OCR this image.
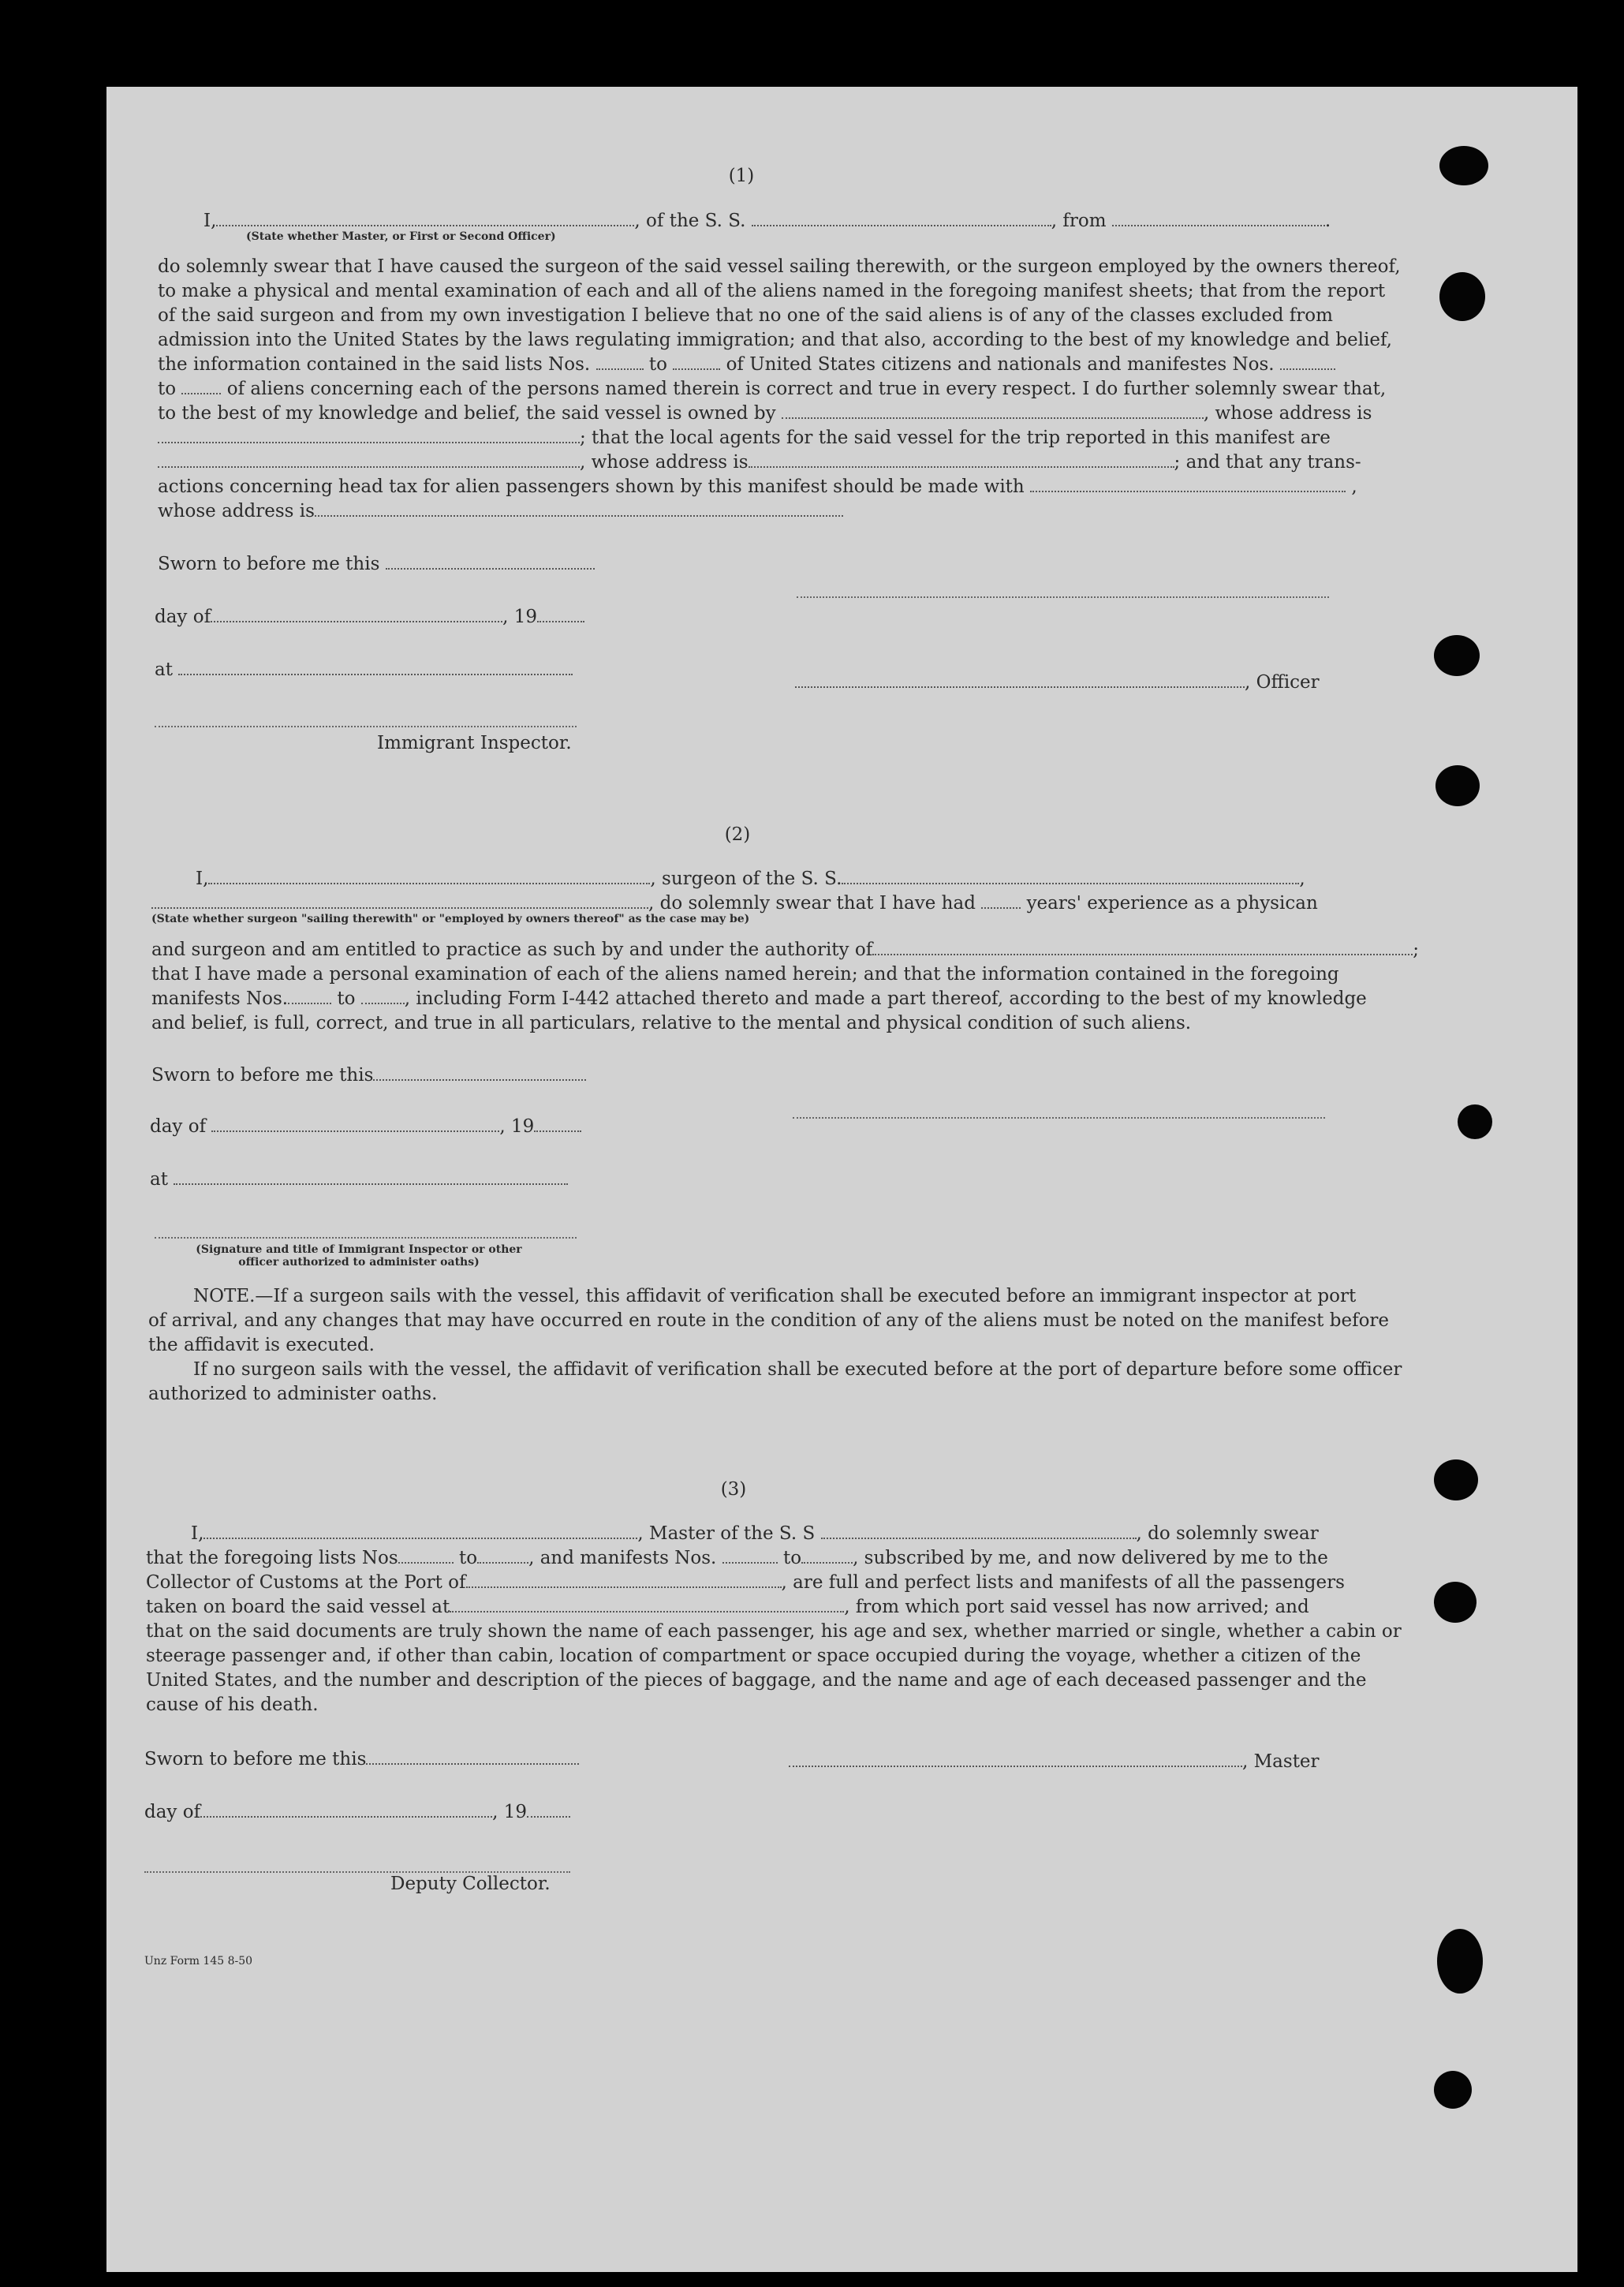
(1)
I,	, of the S. S.	, from	.
(State whether Master, or First or Second Officer)
do solemnly swear that I have caused the surgeon of the said vessel sailing therewith, or the surgeon employed by the owners thereof,
to make a physical and mental examination of each and all of the aliens named in the foregoing manifest sheets; that from the report
of the said surgeon and from my own investigation I believe that no one of the said aliens is of any of the classes excluded from
admission into the United States by the laws regulating immigration; and that also, according to the best of my knowledge and belief,
the information contained in the said lists Nos.	to	of United States citizens and nationals and manifestes Nos.
to	of aliens concerning each of the persons named therein is correct and true in every respect. I do further solemnly swear that,
to the best of my knowledge and belief, the said vessel is owned by	, whose address is
; that the local agents for the said vessel for the trip reported in this manifest are
, whose address is	; and that any trans-
actions concerning head tax for alien passengers shown by this manifest should be made with	,
whose address is
Sworn to before me this
day of	, 19
at
, Officer
Immigrant Inspector.
(2)
I,	, surgeon of the S. S.	,
, do solemnly swear that I have had	years' experience as a physican
(State whether surgeon "sailing therewith" or "employed by owners thereof" as the case may be)
and surgeon and am entitled to practice as such by and under the authority of	;
that I have made a personal examination of each of the aliens named herein; and that the information contained in the foregoing
manifests Nos.	to	, including Form I-442 attached thereto and made a part thereof, according to the best of my knowledge
and belief, is full, correct, and true in all particulars, relative to the mental and physical condition of such aliens.
Sworn to before me this
day of	, 19
at
(Signature and title of Immigrant Inspector or other
officer authorized to administer oaths)
NOTE.—If a surgeon sails with the vessel, this affidavit of verification shall be executed before an immigrant inspector at port
of arrival, and any changes that may have occurred en route in the condition of any of the aliens must be noted on the manifest before
the affidavit is executed.
If no surgeon sails with the vessel, the affidavit of verification shall be executed before at the port of departure before some officer
authorized to administer oaths.
(3)
I,	, Master of the S. S	, do solemnly swear
that the foregoing lists Nos	to	, and manifests Nos.	to	, subscribed by me, and now delivered by me to the
Collector of Customs at the Port of	, are full and perfect lists and manifests of all the passengers
taken on board the said vessel at	, from which port said vessel has now arrived; and
that on the said documents are truly shown the name of each passenger, his age and sex, whether married or single, whether a cabin or
steerage passenger and, if other than cabin, location of compartment or space occupied during the voyage, whether a citizen of the
United States, and the number and description of the pieces of baggage, and the name and age of each deceased passenger and the
cause of his death.
Sworn to before me this	, Master
day of	, 19
Deputy Collector.
Unz Form 145 8-50
